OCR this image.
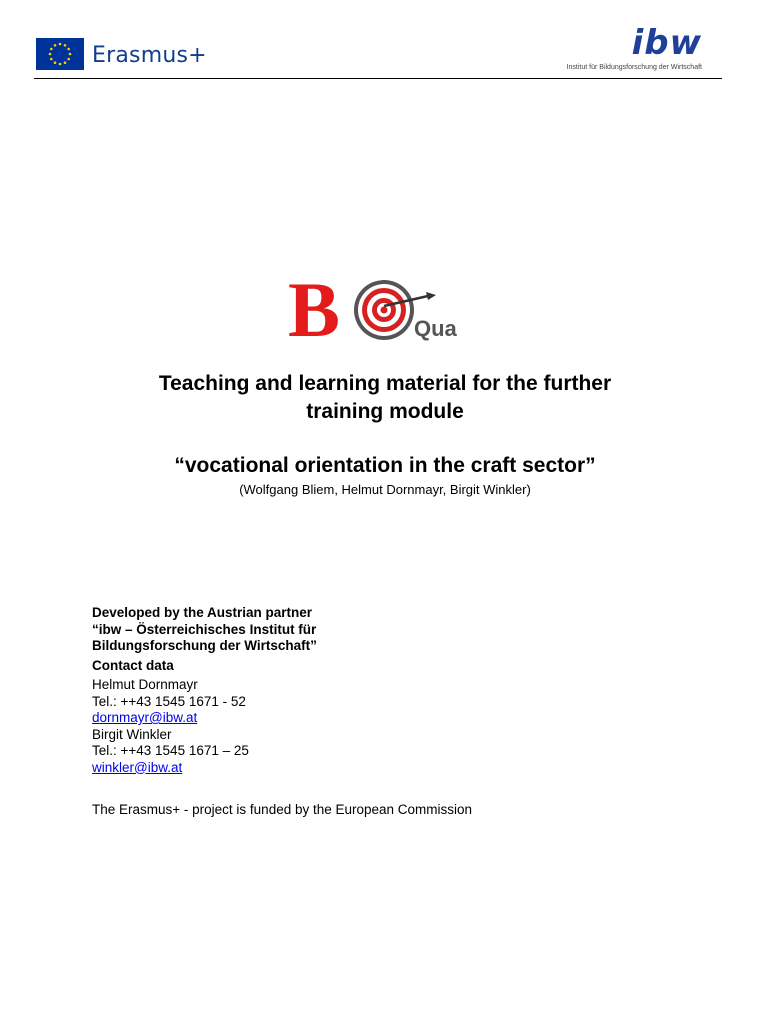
Erasmus+	ibw
Institut für Bildungsforschung der Wirtschaft
B	Qua
Teaching and learning material for the further
training module
“vocational orientation in the craft sector”
(Wolfgang Bliem, Helmut Dornmayr, Birgit Winkler)
Developed by the Austrian partner
“ibw – Österreichisches Institut für
Bildungsforschung der Wirtschaft”
Contact data
Helmut Dornmayr
Tel.: ++43 1545 1671 - 52
dornmayr@ibw.at
Birgit Winkler
Tel.: ++43 1545 1671 – 25
winkler@ibw.at
The Erasmus+ - project is funded by the European Commission
